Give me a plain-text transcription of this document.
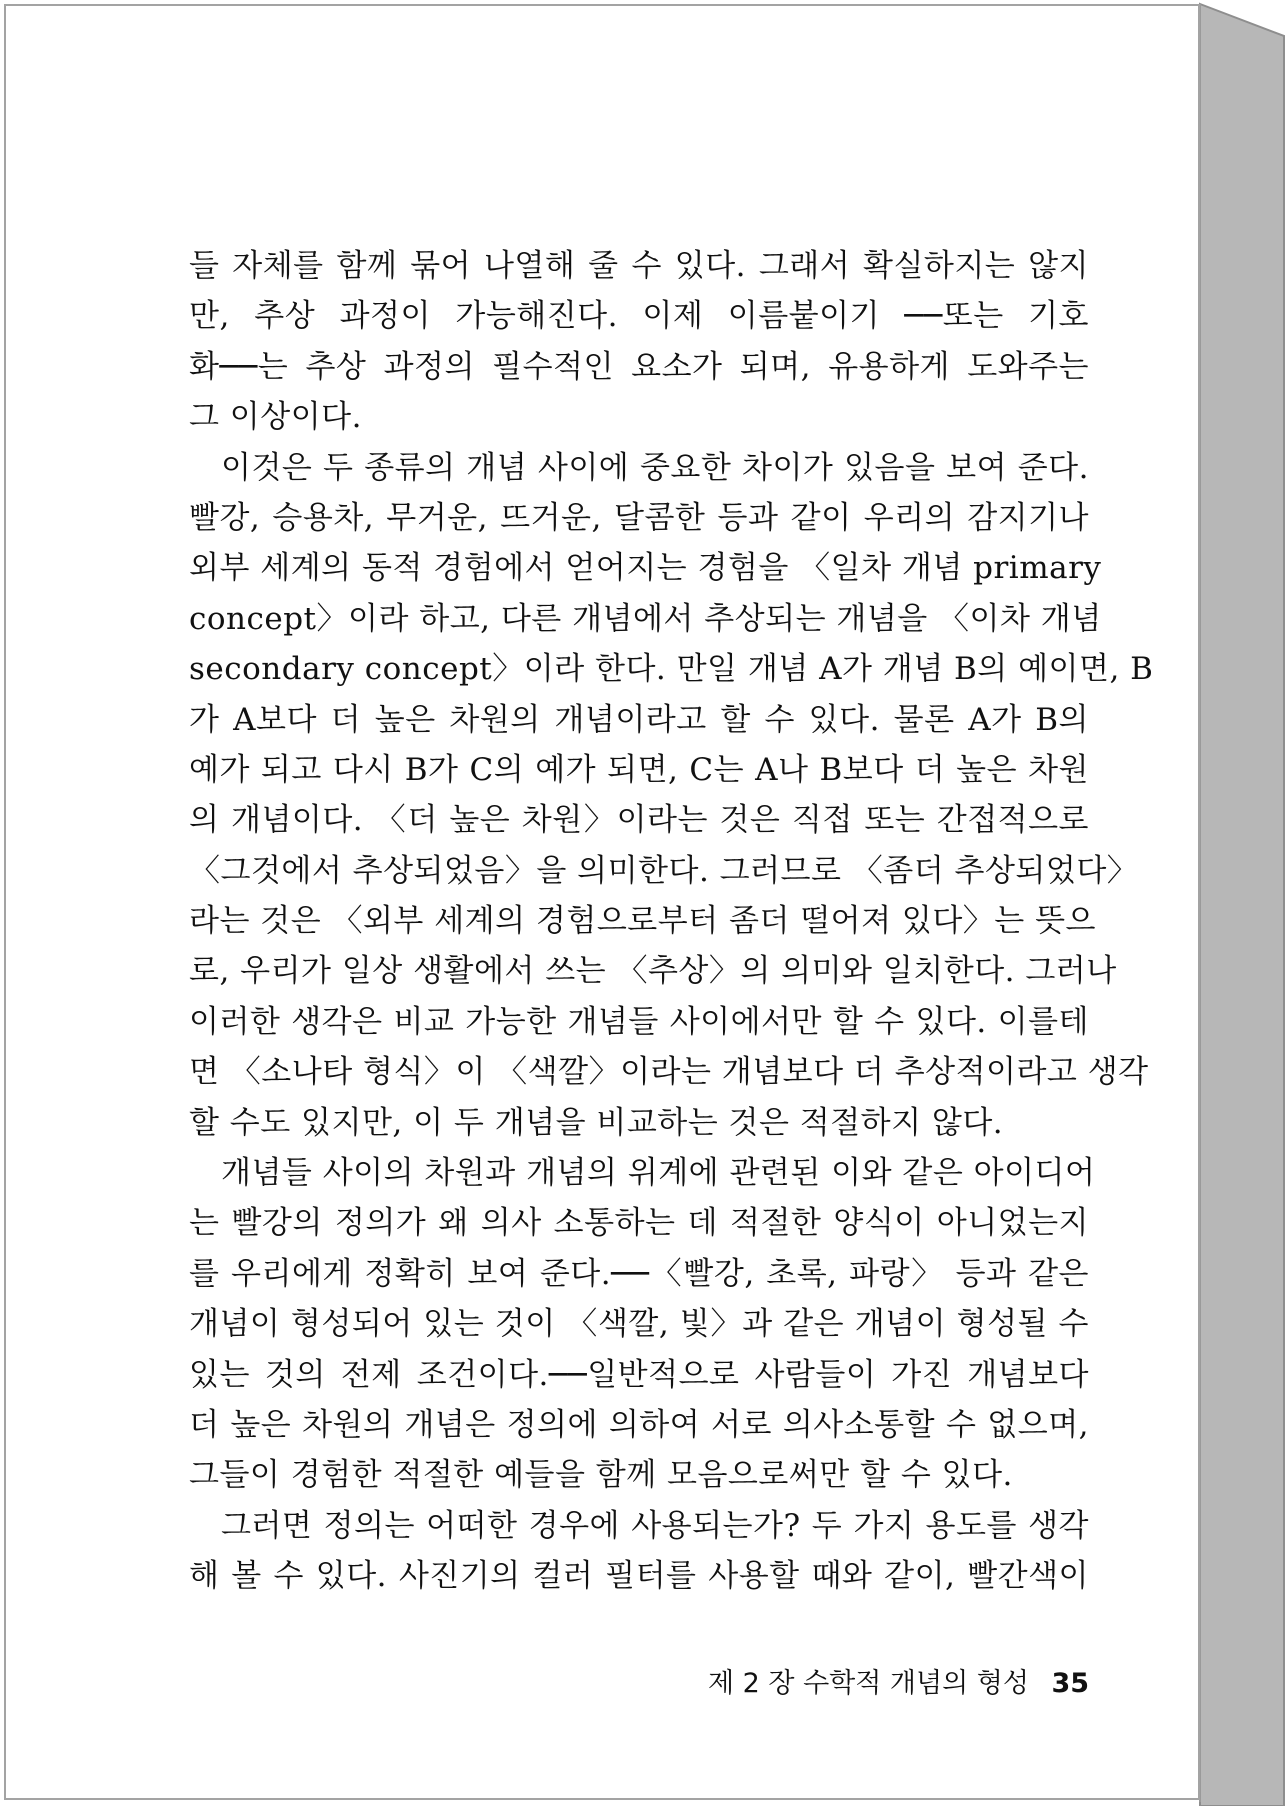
들 자체를 함께 묶어 나열해 줄 수 있다. 그래서 확실하지는 않지
만, 추상 과정이 가능해진다. 이제 이름붙이기 ──또는 기호
화──는 추상 과정의 필수적인 요소가 되며, 유용하게 도와주는
그 이상이다.
이것은 두 종류의 개념 사이에 중요한 차이가 있음을 보여 준다.
빨강, 승용차, 무거운, 뜨거운, 달콤한 등과 같이 우리의 감지기나
외부 세계의 동적 경험에서 얻어지는 경험을 〈일차 개념 primary
concept〉이라 하고, 다른 개념에서 추상되는 개념을 〈이차 개념
secondary concept〉이라 한다. 만일 개념 A가 개념 B의 예이면, B
가 A보다 더 높은 차원의 개념이라고 할 수 있다. 물론 A가 B의
예가 되고 다시 B가 C의 예가 되면, C는 A나 B보다 더 높은 차원
의 개념이다. 〈더 높은 차원〉이라는 것은 직접 또는 간접적으로
〈그것에서 추상되었음〉을 의미한다. 그러므로 〈좀더 추상되었다〉
라는 것은 〈외부 세계의 경험으로부터 좀더 떨어져 있다〉는 뜻으
로, 우리가 일상 생활에서 쓰는 〈추상〉의 의미와 일치한다. 그러나
이러한 생각은 비교 가능한 개념들 사이에서만 할 수 있다. 이를테
면 〈소나타 형식〉이 〈색깔〉이라는 개념보다 더 추상적이라고 생각
할 수도 있지만, 이 두 개념을 비교하는 것은 적절하지 않다.
개념들 사이의 차원과 개념의 위계에 관련된 이와 같은 아이디어
는 빨강의 정의가 왜 의사 소통하는 데 적절한 양식이 아니었는지
를 우리에게 정확히 보여 준다.──〈빨강, 초록, 파랑〉 등과 같은
개념이 형성되어 있는 것이 〈색깔, 빛〉과 같은 개념이 형성될 수
있는 것의 전제 조건이다.──일반적으로 사람들이 가진 개념보다
더 높은 차원의 개념은 정의에 의하여 서로 의사소통할 수 없으며,
그들이 경험한 적절한 예들을 함께 모음으로써만 할 수 있다.
그러면 정의는 어떠한 경우에 사용되는가? 두 가지 용도를 생각
해 볼 수 있다. 사진기의 컬러 필터를 사용할 때와 같이, 빨간색이
제 2 장 수학적 개념의 형성 35
